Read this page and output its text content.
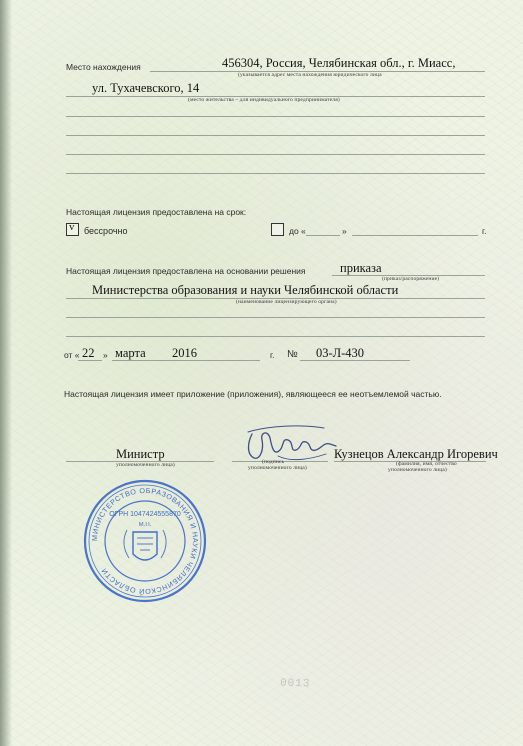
Место нахождения	456304, Россия, Челябинская обл., г. Миасс,
(указывается адрес места нахождения юридического лица
ул. Тухачевского, 14
(место жительства – для индивидуального предпринимателя)
Настоящая лицензия предоставлена на срок:
v бессрочно	до «	»	г.
Настоящая лицензия предоставлена на основании решения	приказа
(приказ/распоряжение)
Министерства образования и науки Челябинской области
(наименование лицензирующего органа)
от « 22 » марта 2016	г. № 03-Л-430
Настоящая лицензия имеет приложение (приложения), являющееся ее неотъемлемой частью.
Министр
уполномоченного лица)	(подпись
уполномоченного лица)
Кузнецов Александр Игоревич
(фамилия, имя, отчество
уполномоченного лица)
МИНИСТЕРСТВО ОБРАЗОВАНИЯ И НАУКИ ЧЕЛЯБИНСКОЙ ОБЛАСТИ
ОГРН 1047424555870
М.П.
0013
